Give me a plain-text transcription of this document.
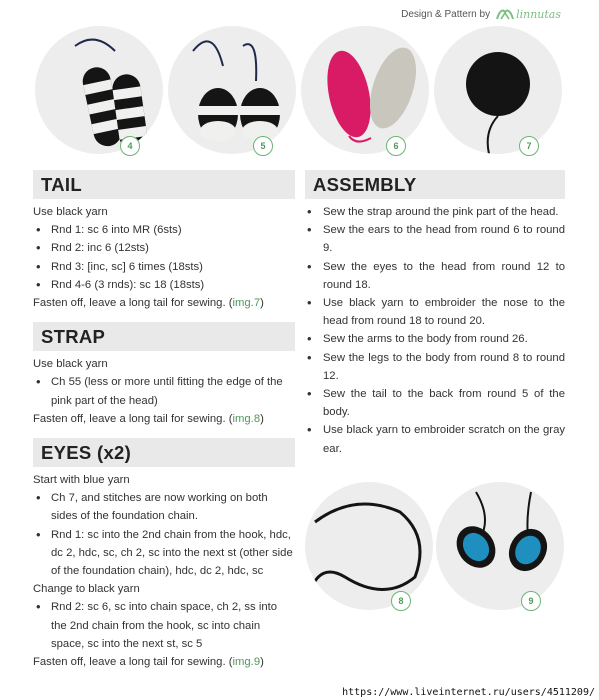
Design & Pattern by linnutas
4	5	6	7
TAIL
Use black yarn
• Rnd 1: sc 6 into MR (6sts)
• Rnd 2: inc 6 (12sts)
• Rnd 3: [inc, sc] 6 times (18sts)
• Rnd 4-6 (3 rnds): sc 18 (18sts)
Fasten off, leave a long tail for sewing. (img.7)
STRAP
Use black yarn
• Ch 55 (less or more until fitting the edge of the pink part of the head)
Fasten off, leave a long tail for sewing. (img.8)
EYES (x2)
Start with blue yarn
• Ch 7, and stitches are now working on both sides of the foundation chain.
• Rnd 1: sc into the 2nd chain from the hook, hdc, dc 2, hdc, sc, ch 2, sc into the next st (other side of the foundation chain), hdc, dc 2, hdc, sc
Change to black yarn
• Rnd 2: sc 6, sc into chain space, ch 2, ss into the 2nd chain from the hook, sc into chain space, sc into the next st, sc 5
Fasten off, leave a long tail for sewing. (img.9)
ASSEMBLY
• Sew the strap around the pink part of the head.
• Sew the ears to the head from round 6 to round 9.
• Sew the eyes to the head from round 12 to round 18.
• Use black yarn to embroider the nose to the head from round 18 to round 20.
• Sew the arms to the body from round 26.
• Sew the legs to the body from round 8 to round 12.
• Sew the tail to the back from round 5 of the body.
• Use black yarn to embroider scratch on the gray ear.
8	9
https://www.liveinternet.ru/users/4511209/
